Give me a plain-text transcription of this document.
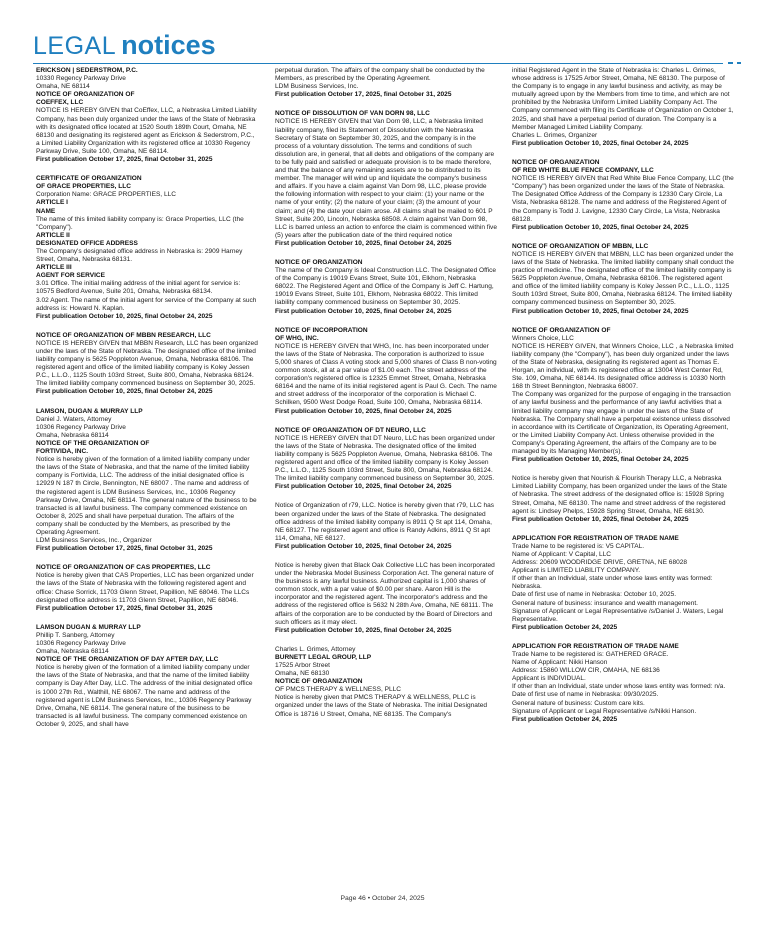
LEGAL notices

ERICKSON | SEDERSTROM, P.C.

10330 Regency Parkway Drive

Omaha, NE 68114

NOTICE OF ORGANIZATION OF

COEFFEX, LLC

NOTICE IS HEREBY GIVEN that CoEffex, LLC, a Nebraska Limited Liability Company, has been duly organized under the laws of the State of Nebraska with its designated office located at 1520 South 189th Court, Omaha, NE 68130 and designating its registered agent as Erickson & Sederstrom, P.C., a Limited Liability Organization with its registered office at 10330 Regency Parkway Drive, Suite 100, Omaha, NE 68114.

First publication October 17, 2025, final October 31, 2025

CERTIFICATE OF ORGANIZATION

OF GRACE PROPERTIES, LLC

Corporation Name: GRACE PROPERTIES, LLC

ARTICLE I

NAME

The name of this limited liability company is: Grace Properties, LLC (the "Company").

ARTICLE II

DESIGNATED OFFICE ADDRESS

The Company's designated office address in Nebraska is: 2909 Harney Street, Omaha, Nebraska 68131.

ARTICLE III

AGENT FOR SERVICE

3.01 Office. The initial mailing address of the initial agent for service is: 10575 Bedford Avenue, Suite 201, Omaha, Nebraska 68134.

3.02 Agent. The name of the initial agent for service of the Company at such address is: Howard N. Kaplan.

First publication October 10, 2025, final October 24, 2025

NOTICE OF ORGANIZATION OF MBBN RESEARCH, LLC

NOTICE IS HEREBY GIVEN that MBBN Research, LLC has been organized under the laws of the State of Nebraska. The designated office of the limited liability company is 5625 Poppleton Avenue, Omaha, Nebraska 68106. The registered agent and office of the limited liability company is Koley Jessen P.C., L.L.O., 1125 South 103rd Street, Suite 800, Omaha, Nebraska 68124. The limited liability company commenced business on September 30, 2025.

First publication October 10, 2025, final October 24, 2025

LAMSON, DUGAN & MURRAY LLP

Daniel J. Waters, Attorney

10306 Regency Parkway Drive

Omaha, Nebraska 68114

NOTICE OF THE ORGANIZATION OF

FORTIVIDA, INC.

Notice is hereby given of the formation of a limited liability company under the laws of the State of Nebraska, and that the name of the limited liability company is Fortivida, LLC. The address of the initial designated office is 12929 N 187 th Circle, Bennington, NE 68007 . The name and address of the registered agent is LDM Business Services, Inc., 10306 Regency Parkway Drive, Omaha, NE 68114. The general nature of the business to be transacted is all lawful business. The company commenced existence on October 8, 2025 and shall have perpetual duration. The affairs of the company shall be conducted by the Members, as prescribed by the Operating Agreement.

LDM Business Services, Inc., Organizer

First publication October 17, 2025, final October 31, 2025

NOTICE OF ORGANIZATION OF CAS PROPERTIES, LLC

Notice is hereby given that CAS Properties, LLC has been organized under the laws of the State of Nebraska with the following registered agent and office: Chase Sorrick, 11703 Glenn Street, Papillion, NE 68046. The LLCs designated office address is 11703 Glenn Street, Papillion, NE 68046.

First publication October 17, 2025, final October 31, 2025

LAMSON DUGAN & MURRAY LLP

Phillip T. Sanberg, Attorney

10306 Regency Parkway Drive

Omaha, Nebraska 68114

NOTICE OF THE ORGANIZATION OF DAY AFTER DAY, LLC

Notice is hereby given of the formation of a limited liability company under the laws of the State of Nebraska, and that the name of the limited liability company is Day After Day, LLC. The address of the initial designated office is 1000 27th Rd., Walthill, NE 68067. The name and address of the registered agent is LDM Business Services, Inc., 10306 Regency Parkway Drive, Omaha, NE 68114. The general nature of the business to be transacted is all lawful business. The company commenced existence on October 9, 2025, and shall have

perpetual duration. The affairs of the company shall be conducted by the Members, as prescribed by the Operating Agreement.

LDM Business Services, Inc.

First publication October 17, 2025, final October 31, 2025

NOTICE OF DISSOLUTION OF VAN DORN 98, LLC

NOTICE IS HEREBY GIVEN that Van Dorn 98, LLC, a Nebraska limited liability company, filed its Statement of Dissolution with the Nebraska Secretary of State on September 30, 2025, and the company is in the process of a voluntary dissolution. The terms and conditions of such dissolution are, in general, that all debts and obligations of the company are to be fully paid and satisfied or adequate provision is to be made therefore, and that the balance of any remaining assets are to be distributed to its member. The manager will wind up and liquidate the company's business and affairs. If you have a claim against Van Dorn 98, LLC, please provide the following information with respect to your claim: (1) your name or the name of your entity; (2) the nature of your claim; (3) the amount of your claim; and (4) the date your claim arose. All claims shall be mailed to 601 P Street, Suite 200, Lincoln, Nebraska 68508. A claim against Van Dorn 98, LLC is barred unless an action to enforce the claim is commenced within five (5) years after the publication date of the third required notice

First publication October 10, 2025, final October 24, 2025

NOTICE OF ORGANIZATION

The name of the Company is Ideal Construction LLC. The Designated Office of the Company is 19019 Evans Street, Suite 101, Elkhorn, Nebraska 68022. The Registered Agent and Office of the Company is Jeff C. Hartung, 19019 Evans Street, Suite 101, Elkhorn, Nebraska 68022. This limited liability company commenced business on September 30, 2025.

First publication October 10, 2025, final October 24, 2025

NOTICE OF INCORPORATION

OF WHG, INC.

NOTICE IS HEREBY GIVEN that WHG, Inc. has been incorporated under the laws of the State of Nebraska. The corporation is authorized to issue 5,000 shares of Class A voting stock and 5,000 shares of Class B non-voting common stock, all at a par value of $1.00 each. The street address of the corporation's registered office is 12325 Emmet Street, Omaha, Nebraska 68164 and the name of its initial registered agent is Paul G. Cech. The name and street address of the incorporator of the corporation is Michael C. Schilken, 9500 West Dodge Road, Suite 100, Omaha, Nebraska 68114.

First publication October 10, 2025, final October 24, 2025

NOTICE OF ORGANIZATION OF DT NEURO, LLC

NOTICE IS HEREBY GIVEN that DT Neuro, LLC has been organized under the laws of the State of Nebraska. The designated office of the limited liability company is 5625 Poppleton Avenue, Omaha, Nebraska 68106. The registered agent and office of the limited liability company is Koley Jessen P.C., L.L.O., 1125 South 103rd Street, Suite 800, Omaha, Nebraska 68124. The limited liability company commenced business on September 30, 2025.

First publication October 10, 2025, final October 24, 2025

Notice of Organization of r79, LLC. Notice is hereby given that r79, LLC has been organized under the laws of the State of Nebraska. The designated office address of the limited liability company is 8911 Q St apt 114, Omaha, NE 68127. The registered agent and office is Randy Adkins, 8911 Q St apt 114, Omaha, NE 68127.

First publication October 10, 2025, final October 24, 2025

Notice is hereby given that Black Oak Collective LLC has been incorporated under the Nebraska Model Business Corporation Act. The general nature of the business is any lawful business. Authorized capital is 1,000 shares of common stock, with a par value of $0.00 per share. Aaron Hill is the incorporator and the registered agent. The incorporator's address and the address of the registered office is 5632 N 28th Ave, Omaha, NE 68111. The affairs of the corporation are to be conducted by the Board of Directors and such officers as it may elect.

First publication October 10, 2025, final October 24, 2025

Charles L. Grimes, Attorney

BURNETT LEGAL GROUP, LLP

17525 Arbor Street

Omaha, NE 68130

NOTICE OF ORGANIZATION

OF PMCS THERAPY & WELLNESS, PLLC

Notice is hereby given that PMCS THERAPY & WELLNESS, PLLC is organized under the laws of the State of Nebraska. The initial Designated Office is 18716 U Street, Omaha, NE 68135. The Company's

initial Registered Agent in the State of Nebraska is: Charles L. Grimes, whose address is 17525 Arbor Street, Omaha, NE 68130. The purpose of the Company is to engage in any lawful business and activity, as may be mutually agreed upon by the Members from time to time, and which are not prohibited by the Nebraska Uniform Limited Liability Company Act. The Company commenced with filing its Certificate of Organization on October 1, 2025, and shall have a perpetual period of duration. The Company is a Member Managed Limited Liability Company.

Charles L. Grimes, Organizer

First publication October 10, 2025, final October 24, 2025

NOTICE OF ORGANIZATION

OF RED WHITE BLUE FENCE COMPANY, LLC

NOTICE IS HEREBY GIVEN that Red White Blue Fence Company, LLC (the "Company") has been organized under the laws of the State of Nebraska. The Designated Office Address of the Company is 12330 Cary Circle, La Vista, Nebraska 68128. The name and address of the Registered Agent of the Company is Todd J. Lavigne, 12330 Cary Circle, La Vista, Nebraska 68128.

First publication October 10, 2025, final October 24, 2025

NOTICE OF ORGANIZATION OF MBBN, LLC

NOTICE IS HEREBY GIVEN that MBBN, LLC has been organized under the laws of the State of Nebraska. The limited liability company shall conduct the practice of medicine. The designated office of the limited liability company is 5625 Poppleton Avenue, Omaha, Nebraska 68106. The registered agent and office of the limited liability company is Koley Jessen P.C., L.L.O., 1125 South 103rd Street, Suite 800, Omaha, Nebraska 68124. The limited liability company commenced business on September 30, 2025.

First publication October 10, 2025, final October 24, 2025

NOTICE OF ORGANIZATION OF

Winners Choice, LLC

NOTICE IS HEREBY GIVEN, that Winners Choice, LLC , a Nebraska limited liability company (the "Company"), has been duly organized under the laws of the State of Nebraska, designating its registered agent as Thomas E. Horgan, an individual, with its registered office at 13004 West Center Rd, Ste. 109, Omaha, NE 68144. Its designated office address is 10330 North 168 th Street Bennington, Nebraska 68007.

The Company was organized for the purpose of engaging in the transaction of any lawful business and the performance of any lawful activities that a limited liability company may engage in under the laws of the State of Nebraska. The Company shall have a perpetual existence unless dissolved in accordance with its Certificate of Organization, its Operating Agreement, or the Limited Liability Company Act. Unless otherwise provided in the Company's Operating Agreement, the affairs of the Company are to be managed by its Managing Member(s).

First publication October 10, 2025, final October 24, 2025

Notice is hereby given that Nourish & Flourish Therapy LLC, a Nebraska Limited Liability Company, has been organized under the laws of the State of Nebraska. The street address of the designated office is: 15928 Spring Street, Omaha, NE 68130. The name and street address of the registered agent is: Lindsey Phelps, 15928 Spring Street, Omaha, NE 68130.

First publication October 10, 2025, final October 24, 2025

APPLICATION FOR REGISTRATION OF TRADE NAME

Trade Name to be registered is: V5 CAPITAL.

Name of Applicant: V Capital, LLC

Address: 20609 WOODRIDGE DRIVE, GRETNA, NE 68028

Applicant is LIMITED LIABILITY COMPANY.

If other than an Individual, state under whose laws entity was formed: Nebraska.

Date of first use of name in Nebraska: October 10, 2025.

General nature of business: insurance and wealth management.

Signature of Applicant or Legal Representative /s/Daniel J. Waters, Legal Representative.

First publication October 24, 2025

APPLICATION FOR REGISTRATION OF TRADE NAME

Trade Name to be registered is: GATHERED GRACE.

Name of Applicant: Nikki Hanson

Address: 15860 WILLOW CIR, OMAHA, NE 68136

Applicant is INDIVIDUAL.

If other than an Individual, state under whose laws entity was formed: n/a.

Date of first use of name in Nebraska: 09/30/2025.

General nature of business: Custom care kits.

Signature of Applicant or Legal Representative /s/Nikki Hanson.

First publication October 24, 2025

Page 46 • October 24, 2025
